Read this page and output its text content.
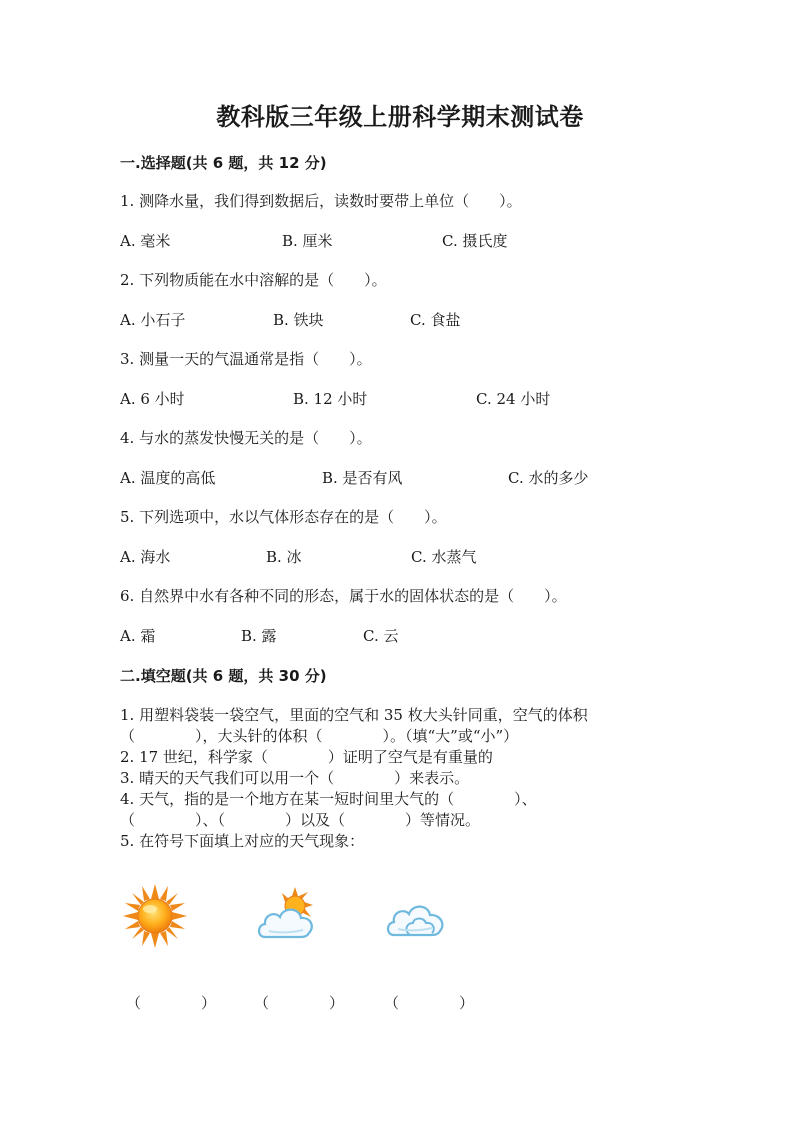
教科版三年级上册科学期末测试卷
一.选择题(共 6 题，共 12 分)
1. 测降水量，我们得到数据后，读数时要带上单位（　　）。
A. 毫米	B. 厘米	C. 摄氏度
2. 下列物质能在水中溶解的是（　　）。
A. 小石子	B. 铁块	C. 食盐
3. 测量一天的气温通常是指（　　）。
A. 6 小时	B. 12 小时	C. 24 小时
4. 与水的蒸发快慢无关的是（　　）。
A. 温度的高低	B. 是否有风	C. 水的多少
5. 下列选项中，水以气体形态存在的是（　　）。
A. 海水	B. 冰	C. 水蒸气
6. 自然界中水有各种不同的形态，属于水的固体状态的是（　　）。
A. 霜	B. 露	C. 云
二.填空题(共 6 题，共 30 分)
1. 用塑料袋装一袋空气，里面的空气和 35 枚大头针同重，空气的体积
（　　　　），大头针的体积（　　　　）。（填“大”或“小”）
2. 17 世纪，科学家（　　　　）证明了空气是有重量的
3. 晴天的天气我们可以用一个（　　　　）来表示。
4. 天气，指的是一个地方在某一短时间里大气的（　　　　）、
（　　　　）、（　　　　）以及（　　　　）等情况。
5. 在符号下面填上对应的天气现象：
（　　　　）	（　　　　）	（　　　　）
